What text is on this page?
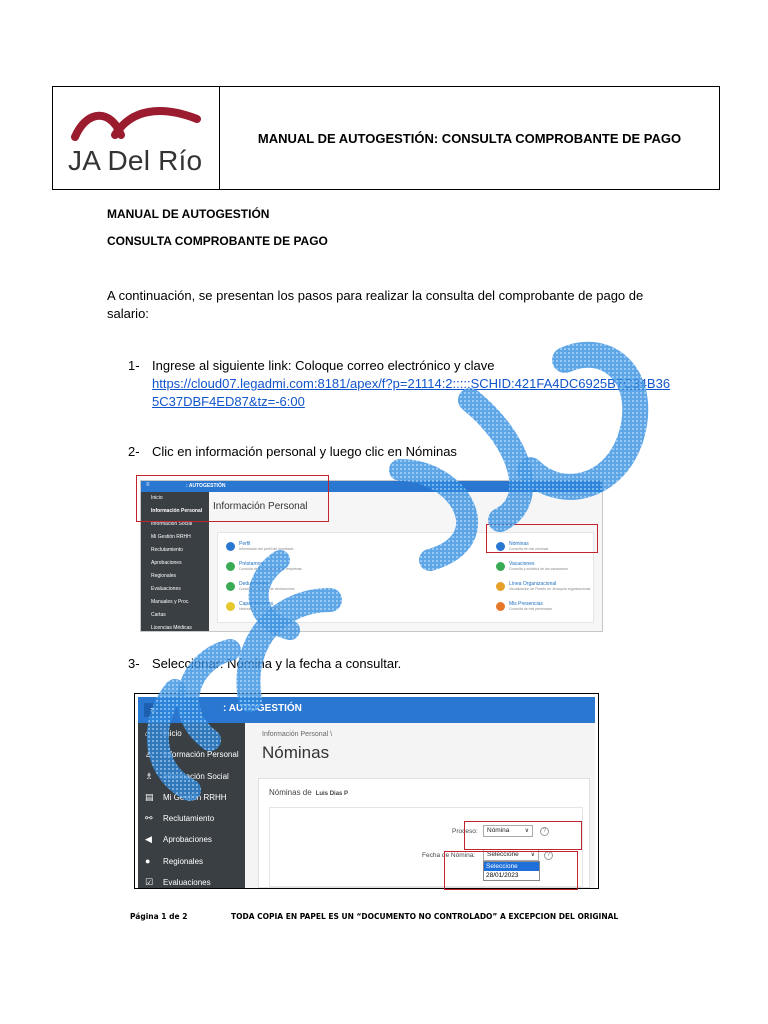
JA Del Río
MANUAL DE AUTOGESTIÓN: CONSULTA COMPROBANTE DE PAGO
MANUAL DE AUTOGESTIÓN
CONSULTA COMPROBANTE DE PAGO
A continuación, se presentan los pasos para realizar la consulta del comprobante de pago de salario:
1- Ingrese al siguiente link: Coloque correo electrónico y clave
https://cloud07.legadmi.com:8181/apex/f?p=21114:2:::::SCHID:421FA4DC6925B7C34B36
5C37DBF4ED87&tz=-6:00
2- Clic en información personal y luego clic en Nóminas
≡	: AUTOGESTIÓN
Inicio
Información Personal
Información Social
Mi Gestión RRHH
Reclutamiento
Aprobaciones
Regionales
Evaluaciones
Manuales y Proc.
Cartas
Licencias Médicas
Información Personal
Perfil
Información del perfil del empleado
Nóminas
Consulta de mis nóminas
Préstamos
Consulta de los préstamos de empresas
Vacaciones
Consulta y solicitud de las vacaciones
Deducciones
Consulta y solicitud de deducciones
Línea Organizacional
Visualización de Puesto en Jerarquía organizacional
Capacitaciones
Historial de Capacitaciones
Mis Presencias
Consulta de mis presencias
3- Seleccionar: Nómina y la fecha a consultar.
≡	: AUTOGESTIÓN
⌂ Inicio
♙ Información Personal
♗ Información Social
▤ Mi Gestión RRHH
⚯ Reclutamiento
◀ Aprobaciones
● Regionales
☑ Evaluaciones
Información Personal \
Nóminas
Nóminas de Luis Dias P
Proceso:	Nómina	∨	?
Fecha de Nómina:	Seleccione ∨	?
Seleccione
28/01/2023
Página 1 de 2	TODA COPIA EN PAPEL ES UN “DOCUMENTO NO CONTROLADO” A EXCEPCION DEL ORIGINAL
